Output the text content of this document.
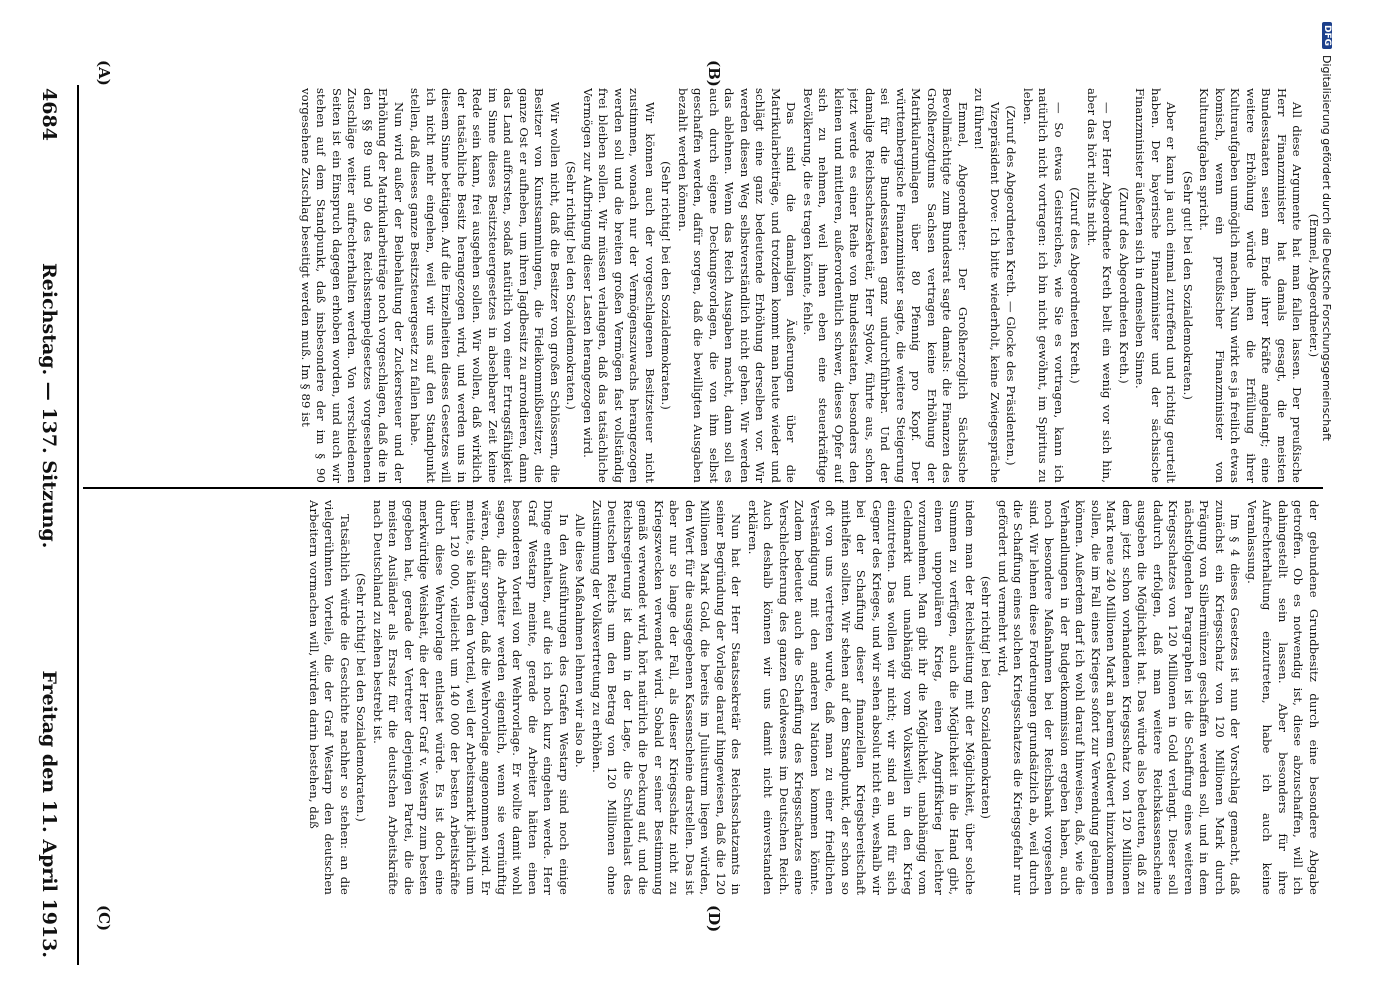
4684
Reichstag. — 137. Sitzung.
Freitag den 11. April 1913.
(A)	(B)
(C)	(D)

(Emmel, Abgeordneter.)

All diese Argumente hat man fallen lassen. Der preußische Herr Finanzminister hat damals gesagt, die meisten Bundesstaaten seien am Ende ihrer Kräfte angelangt; eine weitere Erhöhung würde ihnen die Erfüllung ihrer Kulturaufgaben unmöglich machen. Nun wirkt es ja freilich etwas komisch, wenn ein preußischer Finanzminister von Kulturaufgaben spricht.

(Sehr gut! bei den Sozialdemokraten.)

Aber er kann ja auch einmal zutreffend und richtig geurteilt haben. Der bayerische Finanzminister und der sächsische Finanzminister äußerten sich in demselben Sinne.

(Zuruf des Abgeordneten Kreth.)

— Der Herr Abgeordnete Kreth bellt ein wenig vor sich hin, aber das hört nichts nicht.

(Zuruf des Abgeordneten Kreth.)

— So etwas Geistreiches, wie Sie es vortragen, kann ich natürlich nicht vortragen: ich bin nicht gewöhnt, im Spiritus zu leben.

(Zuruf des Abgeordneten Kreth. — Glocke des Präsidenten.)

Vizepräsident Dove: Ich bitte wiederholt, keine Zwiegespräche zu führen!

Emmel, Abgeordneter: Der Großherzoglich Sächsische Bevollmächtigte zum Bundesrat sagte damals: die Finanzen des Großherzogtums Sachsen vertragen keine Erhöhung der Matrikularumlagen über 80 Pfennig pro Kopf. Der württembergische Finanzminister sagte, die weitere Steigerung sei für die Bundesstaaten ganz undurchführbar. Und der damalige Reichsschatzsekretär, Herr Sydow, führte aus, schon jetzt werde es einer Reihe von Bundesstaaten, besonders den kleinen und mittleren, außerordentlich schwer, dieses Opfer auf sich zu nehmen, weil ihnen eben eine steuerkräftige Bevölkerung, die es tragen könnte, fehle.

Das sind die damaligen Äußerungen über die Matrikularbeiträge, und trotzdem kommt man heute wieder und schlägt eine ganz bedeutende Erhöhung derselben vor. Wir werden diesen Weg selbstverständlich nicht gehen. Wir werden das ablehnen. Wenn das Reich Ausgaben macht, dann soll es auch durch eigene Deckungsvorlagen, die von ihm selbst geschaffen werden, dafür sorgen, daß die bewilligten Ausgaben bezahlt werden können.

(Sehr richtig! bei den Sozialdemokraten.)

Wir können auch der vorgeschlagenen Besitzsteuer nicht zustimmen, wonach nur der Vermögenszuwachs herangezogen werden soll und die breiten großen Vermögen fast vollständig frei bleiben sollen. Wir müssen verlangen, daß das tatsächliche Vermögen zur Aufbringung dieser Lasten herangezogen wird.

(Sehr richtig! bei den Sozialdemokraten.)

Wir wollen nicht, daß die Besitzer von großen Schlössern, die Besitzer von Kunstsammlungen, die Fideikommißbesitzer, die ganze Ost er aufheben, um ihren Jagdbesitz zu arrondieren, dann das Land aufforsten, sodaß natürlich von einer Ertragsfähigkeit im Sinne dieses Besitzsteuergesetzes in absehbarer Zeit keine Rede sein kann, frei ausgehen sollen. Wir wollen, daß wirklich der tatsächliche Besitz herangezogen wird, und werden uns in diesem Sinne betätigen. Auf die Einzelheiten dieses Gesetzes will ich nicht mehr eingehen, weil wir uns auf den Standpunkt stellen, daß dieses ganze Besitzsteuergesetz zu fallen habe.

Nun wird außer der Beibehaltung der Zuckersteuer und der Erhöhung der Matrikularbeiträge noch vorgeschlagen, daß die in den §§ 89 und 90 des Reichsstempelgesetzes vorgesehenen Zuschläge weiter aufrechterhalten werden. Von verschiedenen Seiten ist ein Einspruch dagegen erhoben worden, und auch wir stehen auf dem Standpunkt, daß insbesondere der im § 90 vorgesehene Zuschlag beseitigt werden muß. Im § 89 ist

der gebundene Grundbesitz durch eine besondere Abgabe getroffen. Ob es notwendig ist, diese abzuschaffen, will ich dahingestellt sein lassen. Aber besonders für ihre Aufrechterhaltung einzutreten, habe ich auch keine Veranlassung.

Im § 4 dieses Gesetzes ist nun der Vorschlag gemacht, daß zunächst ein Kriegsschatz von 120 Millionen Mark durch Prägung von Silbermünzen geschaffen werden soll, und in dem nächstfolgenden Paragraphen ist die Schaffung eines weiteren Kriegsschatzes von 120 Millionen in Gold verlangt. Dieser soll dadurch erfolgen, daß man weitere Reichskassenscheine ausgeben die Möglichkeit hat. Das würde also bedeuten, daß zu dem jetzt schon vorhandenen Kriegsschatz von 120 Millionen Mark neue 240 Millionen Mark an barem Geldwert hinzukommen sollen, die im Fall eines Krieges sofort zur Verwendung gelangen können. Außerdem darf ich wohl darauf hinweisen, daß, wie die Verhandlungen in der Budgetkommission ergeben haben, auch noch besondere Maßnahmen bei der Reichsbank vorgesehen sind. Wir lehnen diese Forderungen grundsätzlich ab, weil durch die Schaffung eines solchen Kriegsschatzes die Kriegsgefahr nur gefördert und vermehrt wird,

(sehr richtig! bei den Sozialdemokraten)

indem man der Reichsleitung mit der Möglichkeit, über solche Summen zu verfügen, auch die Möglichkeit in die Hand gibt, einen unpopulären Krieg, einen Angriffskrieg leichter vorzunehmen. Man gibt ihr die Möglichkeit, unabhängig vom Geldmarkt und unabhängig vom Volkswillen in den Krieg einzutreten. Das wollen wir nicht; wir sind an und für sich Gegner des Krieges, und wir sehen absolut nicht ein, weshalb wir bei der Schaffung dieser finanziellen Kriegsbereitschaft mithelfen sollten. Wir stehen auf dem Standpunkt, der schon so oft von uns vertreten wurde, daß man zu einer friedlichen Verständigung mit den anderen Nationen kommen könnte. Zudem bedeutet auch die Schaffung des Kriegsschatzes eine Verschlechterung des ganzen Geldwesens im Deutschen Reich. Auch deshalb können wir uns damit nicht einverstanden erklären.

Nun hat der Herr Staatssekretär des Reichsschatzamts in seiner Begründung der Vorlage darauf hingewiesen, daß die 120 Millionen Mark Gold, die bereits im Juliusturm liegen würden, den Wert für die ausgegebenen Kassenscheine darstellen. Das ist aber nur so lange der Fall, als dieser Kriegsschatz nicht zu Kriegszwecken verwendet wird. Sobald er seiner Bestimmung gemäß verwendet wird, hört natürlich die Deckung auf, und die Reichsregierung ist dann in der Lage, die Schuldenlast des Deutschen Reichs um den Betrag von 120 Millionen ohne Zustimmung der Volksvertretung zu erhöhen.

Alle diese Maßnahmen lehnen wir also ab.

In den Ausführungen des Grafen Westarp sind noch einige Dinge enthalten, auf die ich noch kurz eingehen werde. Herr Graf Westarp meinte, gerade die Arbeiter hätten einen besonderen Vorteil von der Wehrvorlage. Er wollte damit wohl sagen, die Arbeiter werden eigentlich, wenn sie vernünftig wären, dafür sorgen, daß die Wehrvorlage angenommen wird. Er meinte, sie hätten den Vorteil, weil der Arbeitsmarkt jährlich um über 120 000, vielleicht um 140 000 der besten Arbeitskräfte durch diese Wehrvorlage entlastet würde. Es ist doch eine merkwürdige Weisheit, die der Herr Graf v. Westarp zum besten gegeben hat, gerade der Vertreter derjenigen Partei, die die meisten Ausländer als Ersatz für die deutschen Arbeitskräfte nach Deutschland zu ziehen bestrebt ist.

(Sehr richtig! bei den Sozialdemokraten.)

Tatsächlich würde die Geschichte nachher so stehen: an die vielgerühmten Vorteile, die der Graf Westarp den deutschen Arbeitern vormachen will, würden darin bestehen, daß

DFG
Digitalisierung gefördert durch die Deutsche Forschungsgemeinschaft
